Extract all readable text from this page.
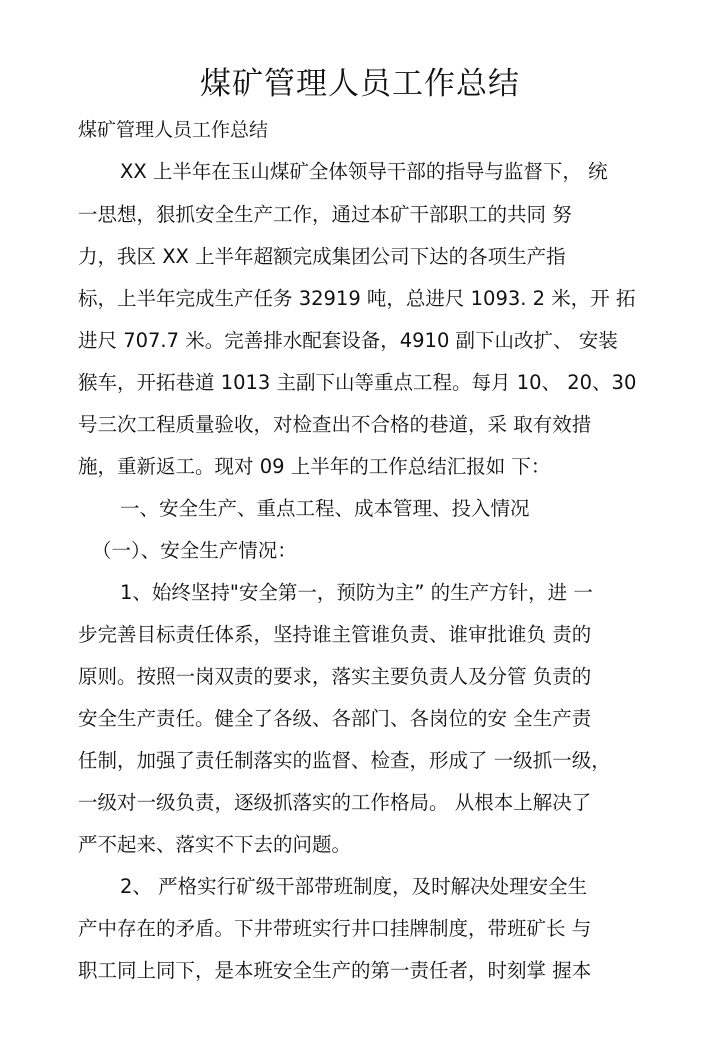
煤矿管理人员工作总结

煤矿管理人员工作总结

XX 上半年在玉山煤矿全体领导干部的指导与监督下， 统

一思想，狠抓安全生产工作，通过本矿干部职工的共同 努

力，我区 XX 上半年超额完成集团公司下达的各项生产指

标，上半年完成生产任务 32919 吨，总进尺 1093. 2 米，开 拓

进尺 707.7 米。完善排水配套设备，4910 副下山改扩、 安装

猴车，开拓巷道 1013 主副下山等重点工程。每月 10、 20、30

号三次工程质量验收，对检查出不合格的巷道，采 取有效措

施，重新返工。现对 09 上半年的工作总结汇报如 下：

一、安全生产、重点工程、成本管理、投入情况

（一）、安全生产情况：

1、始终坚持"安全第一，预防为主” 的生产方针，进 一

步完善目标责任体系，坚持谁主管谁负责、谁审批谁负 责的

原则。按照一岗双责的要求，落实主要负责人及分管 负责的

安全生产责任。健全了各级、各部门、各岗位的安 全生产责

任制，加强了责任制落实的监督、检查，形成了 一级抓一级，

一级对一级负责，逐级抓落实的工作格局。 从根本上解决了

严不起来、落实不下去的问题。

2、 严格实行矿级干部带班制度，及时解决处理安全生

产中存在的矛盾。下井带班实行井口挂牌制度，带班矿长 与

职工同上同下，是本班安全生产的第一责任者，时刻掌 握本
